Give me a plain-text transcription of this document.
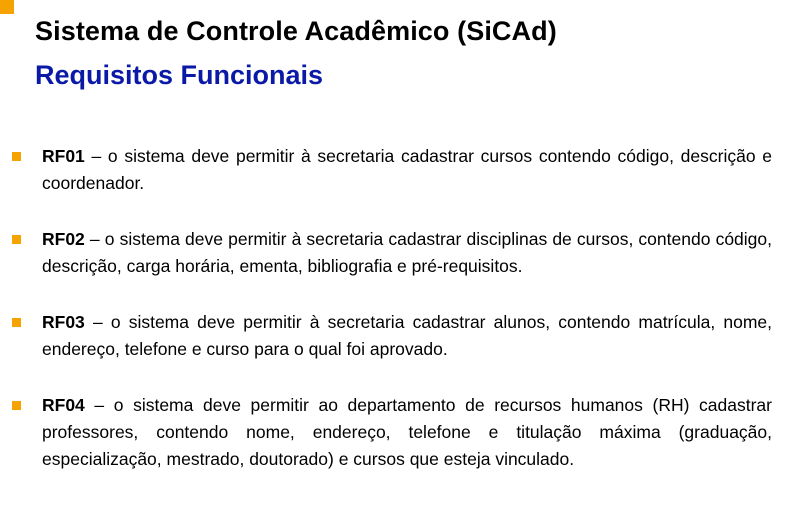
Sistema de Controle Acadêmico (SiCAd)
Requisitos Funcionais
RF01 – o sistema deve permitir à secretaria cadastrar cursos contendo código, descrição e coordenador.
RF02 – o sistema deve permitir à secretaria cadastrar disciplinas de cursos, contendo código, descrição, carga horária, ementa, bibliografia e pré-requisitos.
RF03 – o sistema deve permitir à secretaria cadastrar alunos, contendo matrícula, nome, endereço, telefone e curso para o qual foi aprovado.
RF04 – o sistema deve permitir ao departamento de recursos humanos (RH) cadastrar professores, contendo nome, endereço, telefone e titulação máxima (graduação, especialização, mestrado, doutorado) e cursos que esteja vinculado.
